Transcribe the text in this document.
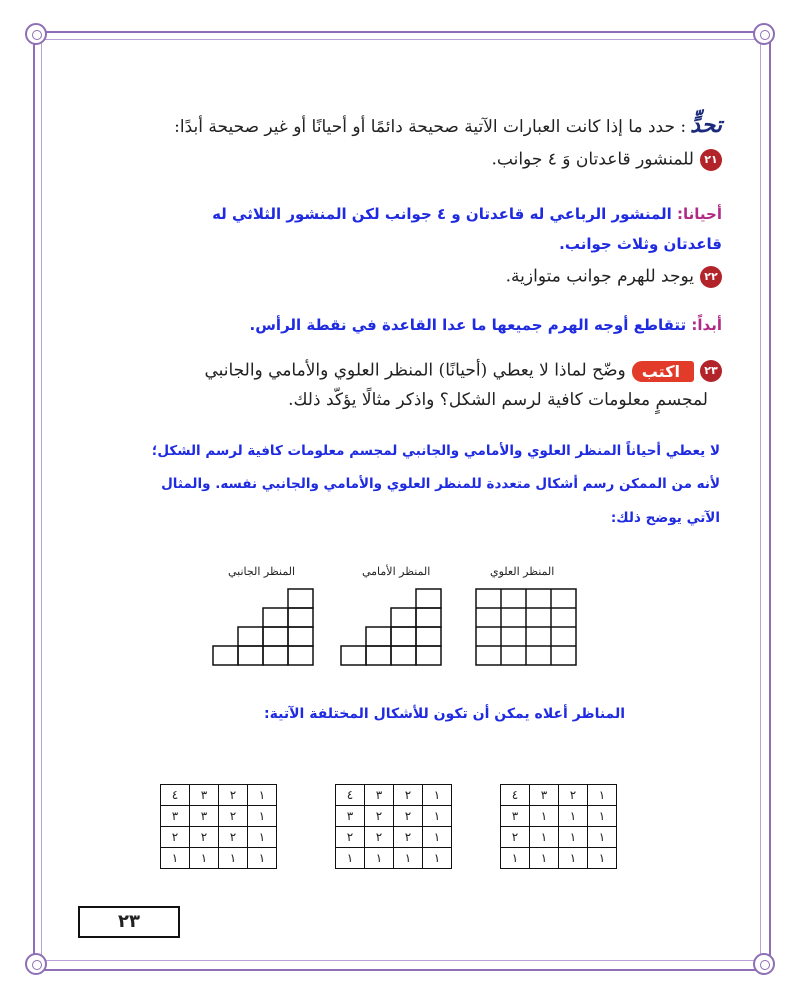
تحدٍّ: حدد ما إذا كانت العبارات الآتية صحيحة دائمًا أو أحيانًا أو غير صحيحة أبدًا:
٢١للمنشور قاعدتان وَ ٤ جوانب.
أحيانا: المنشور الرباعي له قاعدتان و ٤ جوانب لكن المنشور الثلاثي له
قاعدتان وثلاث جوانب.
٢٢يوجد للهرم جوانب متوازية.
أبداً: تتقاطع أوجه الهرم جميعها ما عدا القاعدة في نقطة الرأس.
٢٣اكتبوضّح لماذا لا يعطي (أحيانًا) المنظر العلوي والأمامي والجانبي
لمجسمٍ معلومات كافية لرسم الشكل؟ واذكر مثالًا يؤكّد ذلك.
لا يعطي أحياناً المنظر العلوي والأمامي والجانبي لمجسم معلومات كافية لرسم الشكل؛
لأنه من الممكن رسم أشكال متعددة للمنظر العلوي والأمامي والجانبي نفسه. والمثال
الآتي يوضح ذلك:
المنظر العلوي
المنظر الأمامي
المنظر الجانبي
المناظر أعلاه يمكن أن تكون للأشكال المختلفة الآتية:
١	٢	٣	٤
١	١	١	٣
١	١	١	٢
١	١	١	١
١	٢	٣	٤
١	٢	٢	٣
١	٢	٢	٢
١	١	١	١
١	٢	٣	٤
١	٢	٣	٣
١	٢	٢	٢
١	١	١	١
٢٣
